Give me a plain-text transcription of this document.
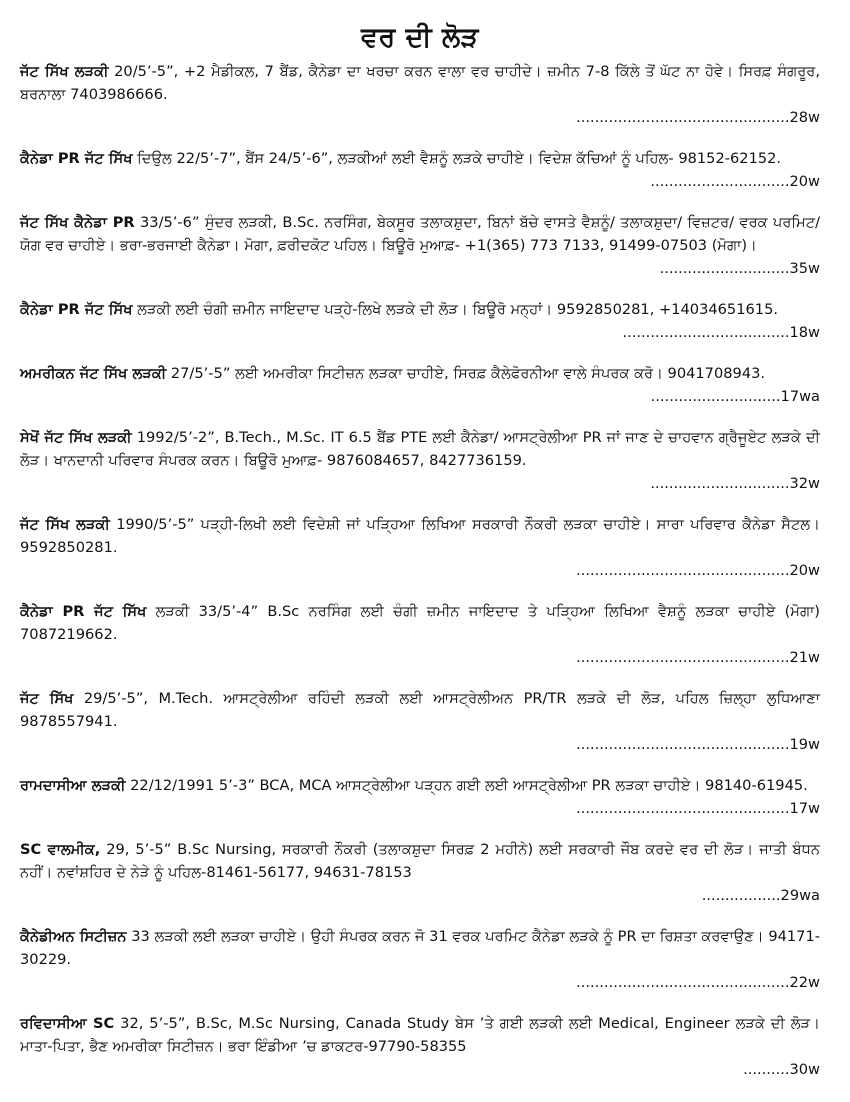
ਵਰ ਦੀ ਲੋੜ
ਜੱਟ ਸਿੱਖ ਲੜਕੀ 20/5’-5”, +2 ਮੈਡੀਕਲ, 7 ਬੈਂਡ, ਕੈਨੇਡਾ ਦਾ ਖਰਚਾ ਕਰਨ ਵਾਲਾ ਵਰ ਚਾਹੀਦੇ। ਜ਼ਮੀਨ 7-8 ਕਿੱਲੇ ਤੋਂ ਘੱਟ ਨਾ ਹੋਵੇ। ਸਿਰਫ਼ ਸੰਗਰੂਰ, ਬਰਨਾਲਾ 7403986666.
..............................................28w
ਕੈਨੇਡਾ PR ਜੱਟ ਸਿੱਖ ਦਿਉਲ 22/5’-7”, ਬੈਂਸ 24/5’-6”, ਲੜਕੀਆਂ ਲਈ ਵੈਸ਼ਨੂੰ ਲੜਕੇ ਚਾਹੀਏ। ਵਿਦੇਸ਼ ਕੱਚਿਆਂ ਨੂੰ ਪਹਿਲ- 98152-62152.
..............................20w
ਜੱਟ ਸਿੱਖ ਕੈਨੇਡਾ PR 33/5’-6” ਸੁੰਦਰ ਲੜਕੀ, B.Sc. ਨਰਸਿੰਗ, ਬੇਕਸੂਰ ਤਲਾਕਸ਼ੁਦਾ, ਬਿਨਾਂ ਬੱਚੇ ਵਾਸਤੇ ਵੈਸ਼ਨੂੰ/ ਤਲਾਕਸ਼ੁਦਾ/ ਵਿਜ਼ਟਰ/ ਵਰਕ ਪਰਮਿਟ/ ਯੋਗ ਵਰ ਚਾਹੀਏ। ਭਰਾ-ਭਰਜਾਈ ਕੈਨੇਡਾ। ਮੋਗਾ, ਫ਼ਰੀਦਕੋਟ ਪਹਿਲ। ਬਿਊਰੋ ਮੁਆਫ਼- +1(365) 773 7133, 91499-07503 (ਮੋਗਾ)।
............................35w
ਕੈਨੇਡਾ PR ਜੱਟ ਸਿੱਖ ਲੜਕੀ ਲਈ ਚੰਗੀ ਜ਼ਮੀਨ ਜਾਇਦਾਦ ਪੜ੍ਹੇ-ਲਿਖੇ ਲੜਕੇ ਦੀ ਲੋੜ। ਬਿਊਰੋ ਮਨ੍ਹਾਂ। 9592850281, +14034651615.
....................................18w
ਅਮਰੀਕਨ ਜੱਟ ਸਿੱਖ ਲੜਕੀ 27/5’-5” ਲਈ ਅਮਰੀਕਾ ਸਿਟੀਜ਼ਨ ਲੜਕਾ ਚਾਹੀਏ, ਸਿਰਫ਼ ਕੈਲੇਫੋਰਨੀਆ ਵਾਲੇ ਸੰਪਰਕ ਕਰੋ। 9041708943.
............................17wa
ਸੇਖੋਂ ਜੱਟ ਸਿੱਖ ਲੜਕੀ 1992/5’-2”, B.Tech., M.Sc. IT 6.5 ਬੈਂਡ PTE ਲਈ ਕੈਨੇਡਾ/ ਆਸਟ੍ਰੇਲੀਆ PR ਜਾਂ ਜਾਣ ਦੇ ਚਾਹਵਾਨ ਗ੍ਰੈਜੂਏਟ ਲੜਕੇ ਦੀ ਲੋੜ। ਖਾਨਦਾਨੀ ਪਰਿਵਾਰ ਸੰਪਰਕ ਕਰਨ। ਬਿਊਰੋ ਮੁਆਫ਼- 9876084657, 8427736159.
..............................32w
ਜੱਟ ਸਿੱਖ ਲੜਕੀ 1990/5’-5” ਪੜ੍ਹੀ-ਲਿਖੀ ਲਈ ਵਿਦੇਸ਼ੀ ਜਾਂ ਪੜ੍ਹਿਆ ਲਿਖਿਆ ਸਰਕਾਰੀ ਨੌਕਰੀ ਲੜਕਾ ਚਾਹੀਏ। ਸਾਰਾ ਪਰਿਵਾਰ ਕੈਨੇਡਾ ਸੈਟਲ। 9592850281.
..............................................20w
ਕੈਨੇਡਾ PR ਜੱਟ ਸਿੱਖ ਲੜਕੀ 33/5’-4” B.Sc ਨਰਸਿੰਗ ਲਈ ਚੰਗੀ ਜ਼ਮੀਨ ਜਾਇਦਾਦ ਤੇ ਪੜ੍ਹਿਆ ਲਿਖਿਆ ਵੈਸ਼ਨੂੰ ਲੜਕਾ ਚਾਹੀਏ (ਮੋਗਾ) 7087219662.
..............................................21w
ਜੱਟ ਸਿੱਖ 29/5’-5”, M.Tech. ਆਸਟ੍ਰੇਲੀਆ ਰਹਿੰਦੀ ਲੜਕੀ ਲਈ ਆਸਟ੍ਰੇਲੀਅਨ PR/TR ਲੜਕੇ ਦੀ ਲੋੜ, ਪਹਿਲ ਜ਼ਿਲ੍ਹਾ ਲੁਧਿਆਣਾ 9878557941.
..............................................19w
ਰਾਮਦਾਸੀਆ ਲੜਕੀ 22/12/1991 5’-3” BCA, MCA ਆਸਟ੍ਰੇਲੀਆ ਪੜ੍ਹਨ ਗਈ ਲਈ ਆਸਟ੍ਰੇਲੀਆ PR ਲੜਕਾ ਚਾਹੀਏ। 98140-61945.
..............................................17w
SC ਵਾਲਮੀਕ, 29, 5’-5” B.Sc Nursing, ਸਰਕਾਰੀ ਨੌਕਰੀ (ਤਲਾਕਸ਼ੁਦਾ ਸਿਰਫ਼ 2 ਮਹੀਨੇ) ਲਈ ਸਰਕਾਰੀ ਜੌਬ ਕਰਦੇ ਵਰ ਦੀ ਲੋੜ। ਜਾਤੀ ਬੰਧਨ ਨਹੀਂ। ਨਵਾਂਸ਼ਹਿਰ ਦੇ ਨੇੜੇ ਨੂੰ ਪਹਿਲ-81461-56177, 94631-78153
.................29wa
ਕੈਨੇਡੀਅਨ ਸਿਟੀਜ਼ਨ 33 ਲੜਕੀ ਲਈ ਲੜਕਾ ਚਾਹੀਏ। ਉਹੀ ਸੰਪਰਕ ਕਰਨ ਜੋ 31 ਵਰਕ ਪਰਮਿਟ ਕੈਨੇਡਾ ਲੜਕੇ ਨੂੰ PR ਦਾ ਰਿਸ਼ਤਾ ਕਰਵਾਉਣ। 94171-30229.
..............................................22w
ਰਵਿਦਾਸੀਆ SC 32, 5’-5”, B.Sc, M.Sc Nursing, Canada Study ਬੇਸ ’ਤੇ ਗਈ ਲੜਕੀ ਲਈ Medical, Engineer ਲੜਕੇ ਦੀ ਲੋੜ। ਮਾਤਾ-ਪਿਤਾ, ਭੈਣ ਅਮਰੀਕਾ ਸਿਟੀਜ਼ਨ। ਭਰਾ ਇੰਡੀਆ ’ਚ ਡਾਕਟਰ-97790-58355
..........30w
